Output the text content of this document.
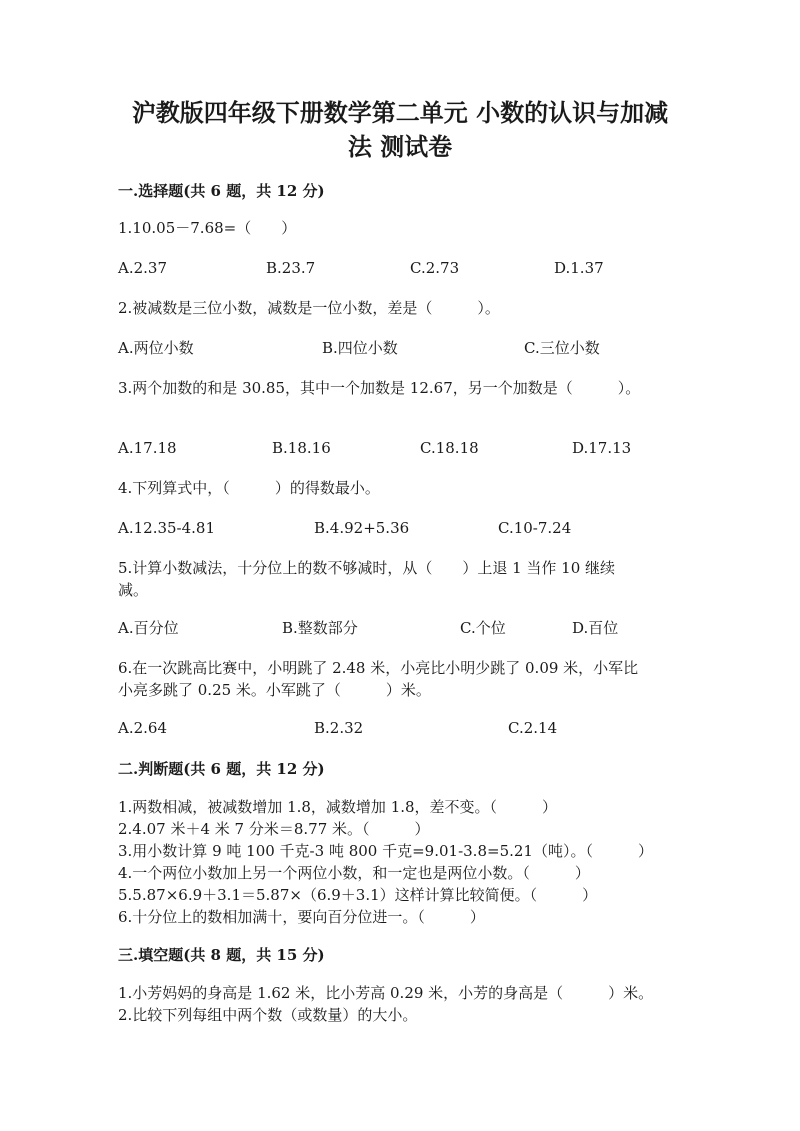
沪教版四年级下册数学第二单元 小数的认识与加减
法 测试卷
一.选择题(共 6 题，共 12 分)
1.10.05－7.68=（　　）
A.2.37	B.23.7	C.2.73	D.1.37
2.被减数是三位小数，减数是一位小数，差是（　　　）。
A.两位小数	B.四位小数	C.三位小数
3.两个加数的和是 30.85，其中一个加数是 12.67，另一个加数是（　　　）。
A.17.18	B.18.16	C.18.18	D.17.13
4.下列算式中，（　　　）的得数最小。
A.12.35-4.81	B.4.92+5.36	C.10-7.24
5.计算小数减法，十分位上的数不够减时，从（　　）上退 1 当作 10 继续
减。
A.百分位	B.整数部分	C.个位	D.百位
6.在一次跳高比赛中，小明跳了 2.48 米，小亮比小明少跳了 0.09 米，小军比
小亮多跳了 0.25 米。小军跳了（　　　）米。
A.2.64	B.2.32	C.2.14
二.判断题(共 6 题，共 12 分)
1.两数相减，被减数增加 1.8，减数增加 1.8，差不变。（　　　）
2.4.07 米＋4 米 7 分米＝8.77 米。（　　　）
3.用小数计算 9 吨 100 千克-3 吨 800 千克=9.01-3.8=5.21（吨）。（　　　）
4.一个两位小数加上另一个两位小数，和一定也是两位小数。（　　　）
5.5.87×6.9＋3.1＝5.87×（6.9＋3.1）这样计算比较简便。（　　　）
6.十分位上的数相加满十，要向百分位进一。（　　　）
三.填空题(共 8 题，共 15 分)
1.小芳妈妈的身高是 1.62 米，比小芳高 0.29 米，小芳的身高是（　　　）米。
2.比较下列每组中两个数（或数量）的大小。
